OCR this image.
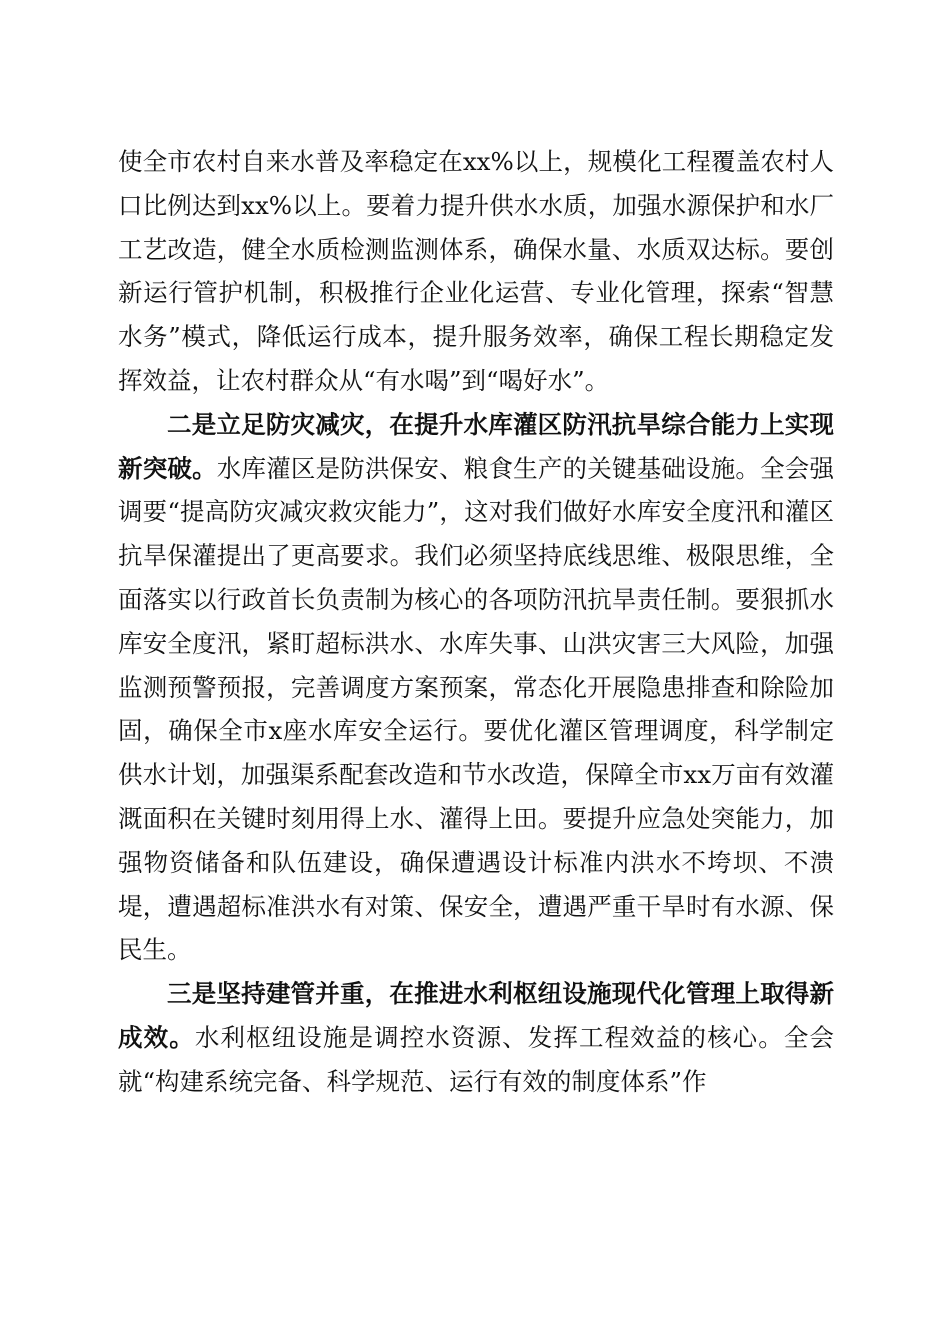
使全市农村自来水普及率稳定在xx%以上，规模化工程覆盖农村人口比例达到xx%以上。要着力提升供水水质，加强水源保护和水厂工艺改造，健全水质检测监测体系，确保水量、水质双达标。要创新运行管护机制，积极推行企业化运营、专业化管理，探索“智慧水务”模式，降低运行成本，提升服务效率，确保工程长期稳定发挥效益，让农村群众从“有水喝”到“喝好水”。

二是立足防灾减灾，在提升水库灌区防汛抗旱综合能力上实现新突破。水库灌区是防洪保安、粮食生产的关键基础设施。全会强调要“提高防灾减灾救灾能力”，这对我们做好水库安全度汛和灌区抗旱保灌提出了更高要求。我们必须坚持底线思维、极限思维，全面落实以行政首长负责制为核心的各项防汛抗旱责任制。要狠抓水库安全度汛，紧盯超标洪水、水库失事、山洪灾害三大风险，加强监测预警预报，完善调度方案预案，常态化开展隐患排查和除险加固，确保全市x座水库安全运行。要优化灌区管理调度，科学制定供水计划，加强渠系配套改造和节水改造，保障全市xx万亩有效灌溉面积在关键时刻用得上水、灌得上田。要提升应急处突能力，加强物资储备和队伍建设，确保遭遇设计标准内洪水不垮坝、不溃堤，遭遇超标准洪水有对策、保安全，遭遇严重干旱时有水源、保民生。

三是坚持建管并重，在推进水利枢纽设施现代化管理上取得新成效。水利枢纽设施是调控水资源、发挥工程效益的核心。全会就“构建系统完备、科学规范、运行有效的制度体系”作
